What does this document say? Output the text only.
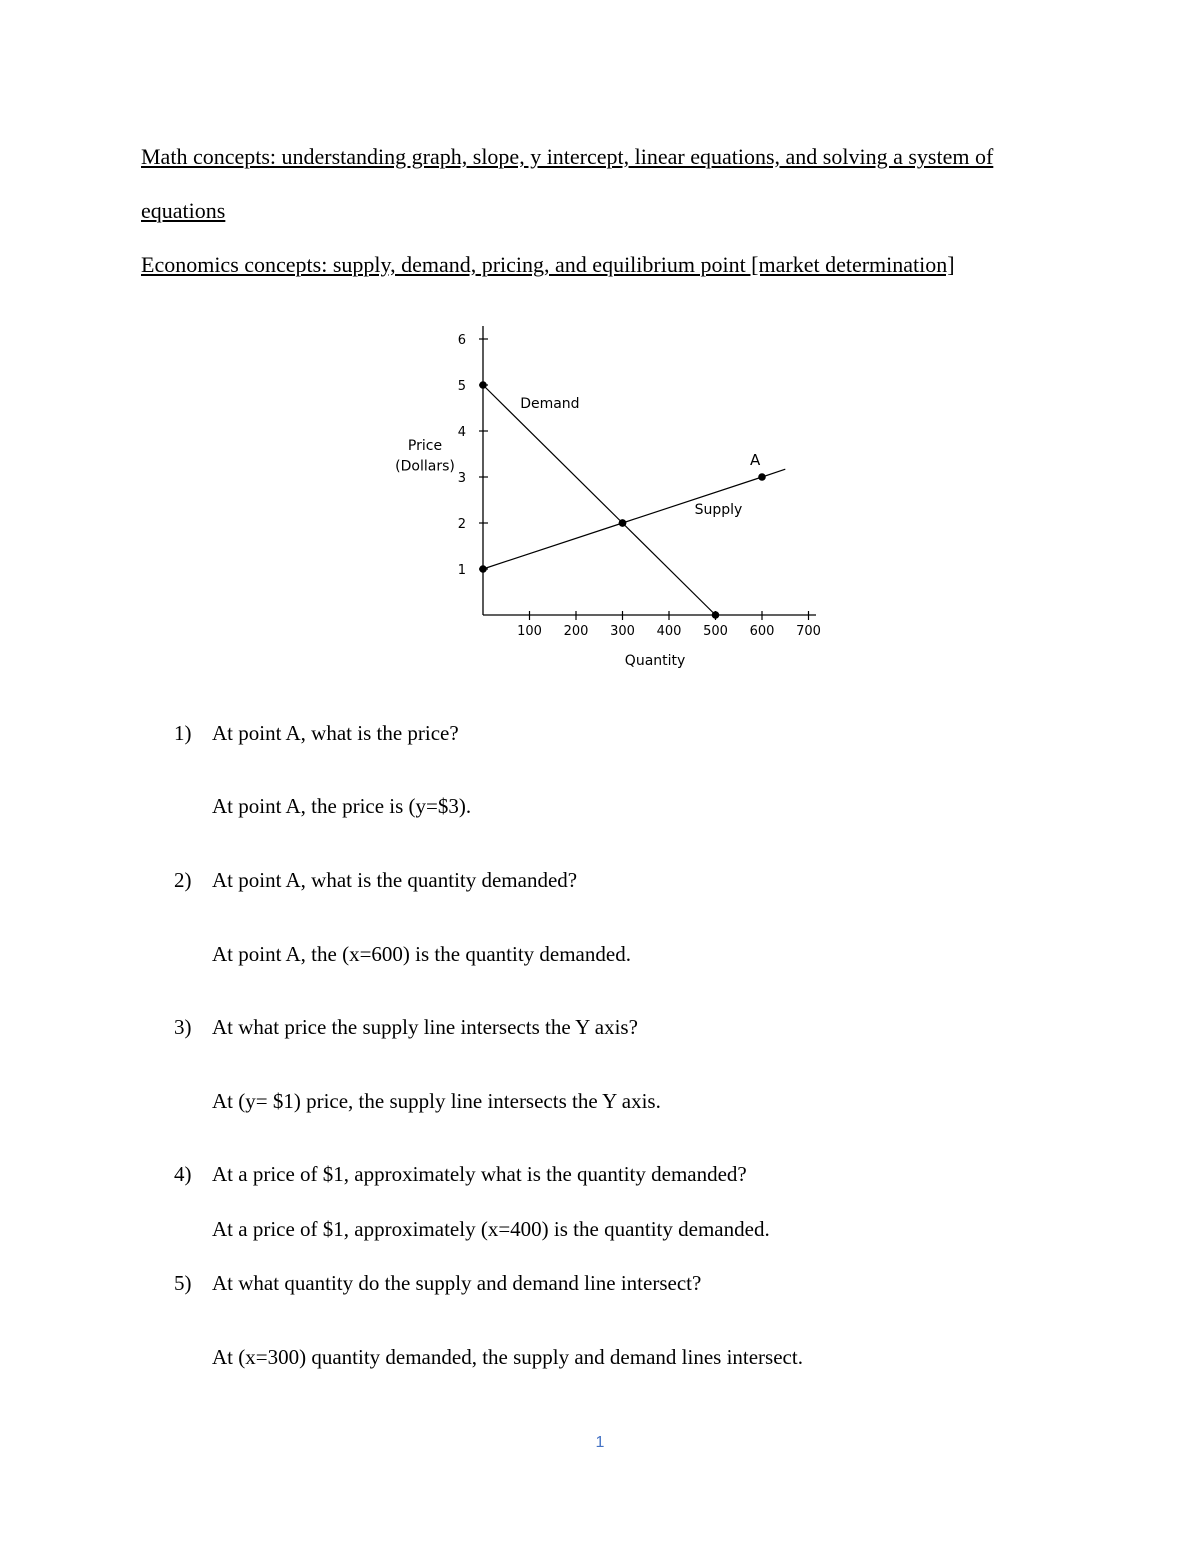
Math concepts: understanding graph, slope, y intercept, linear equations, and solving a system of
equations
Economics concepts: supply, demand, pricing, and equilibrium point [market determination]
1
2
3
4
5
6
100 200 300 400 500 600 700
Demand
Supply
A
Quantity
Price
(Dollars)
1) At point A, what is the price?
At point A, the price is (y=$3).
2) At point A, what is the quantity demanded?
At point A, the (x=600) is the quantity demanded.
3) At what price the supply line intersects the Y axis?
At (y= $1) price, the supply line intersects the Y axis.
4) At a price of $1, approximately what is the quantity demanded?
At a price of $1, approximately (x=400) is the quantity demanded.
5) At what quantity do the supply and demand line intersect?
At (x=300) quantity demanded, the supply and demand lines intersect.
1
